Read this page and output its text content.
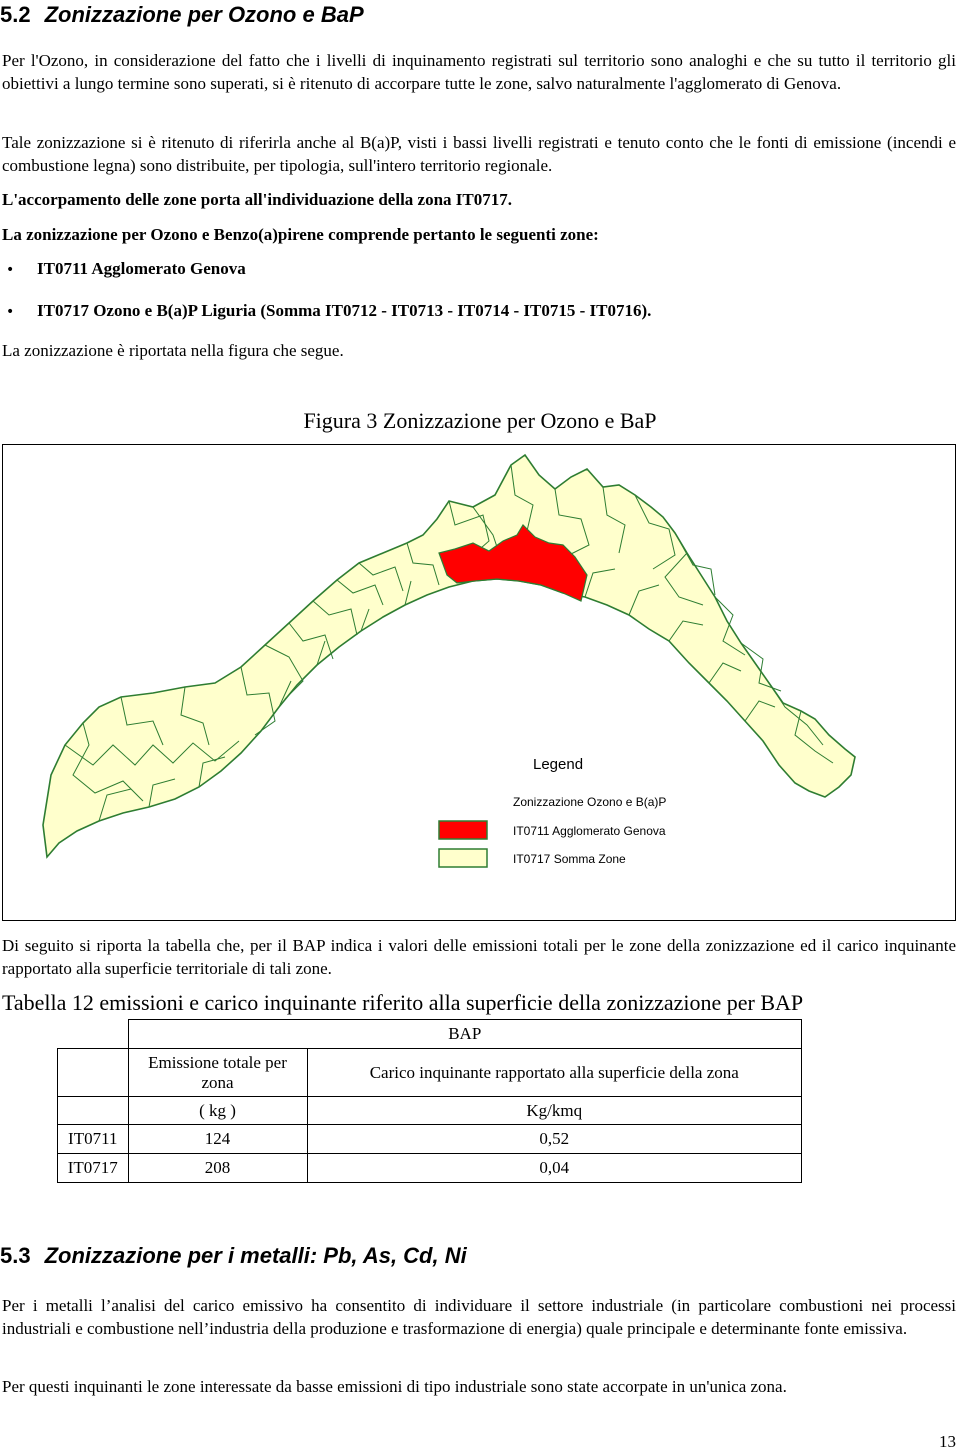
5.2 Zonizzazione per Ozono e BaP

Per l'Ozono, in considerazione del fatto che i livelli di inquinamento registrati sul territorio sono analoghi e che su tutto il territorio gli obiettivi a lungo termine sono superati, si è ritenuto di accorpare tutte le zone, salvo naturalmente l'agglomerato di Genova.

Tale zonizzazione si è ritenuto di riferirla anche al B(a)P, visti i bassi livelli registrati e tenuto conto che le fonti di emissione (incendi e combustione legna) sono distribuite, per tipologia, sull'intero territorio regionale.

L'accorpamento delle zone porta all'individuazione della zona IT0717.

La zonizzazione per Ozono e Benzo(a)pirene comprende pertanto le seguenti zone:

• IT0711 Agglomerato Genova
• IT0717 Ozono e B(a)P Liguria (Somma IT0712 - IT0713 - IT0714 - IT0715 - IT0716).

La zonizzazione è riportata nella figura che segue.

Figura 3 Zonizzazione per Ozono e BaP
Legend
Zonizzazione Ozono e B(a)P
IT0711 Agglomerato Genova
IT0717 Somma Zone

Di seguito si riporta la tabella che, per il BAP indica i valori delle emissioni totali per le zone della zonizzazione ed il carico inquinante rapportato alla superficie territoriale di tali zone.

Tabella 12 emissioni e carico inquinante riferito alla superficie della zonizzazione per BAP
	BAP	
	Emissione totale per zona	Carico inquinante rapportato alla superficie della zona
	( kg )	Kg/kmq
IT0711	124	0,52
IT0717	208	0,04
5.3 Zonizzazione per i metalli: Pb, As, Cd, Ni

Per i metalli l’analisi del carico emissivo ha consentito di individuare il settore industriale (in particolare combustioni nei processi industriali e combustione nell’industria della produzione e trasformazione di energia) quale principale e determinante fonte emissiva.

Per questi inquinanti le zone interessate da basse emissioni di tipo industriale sono state accorpate in un'unica zona.

13
